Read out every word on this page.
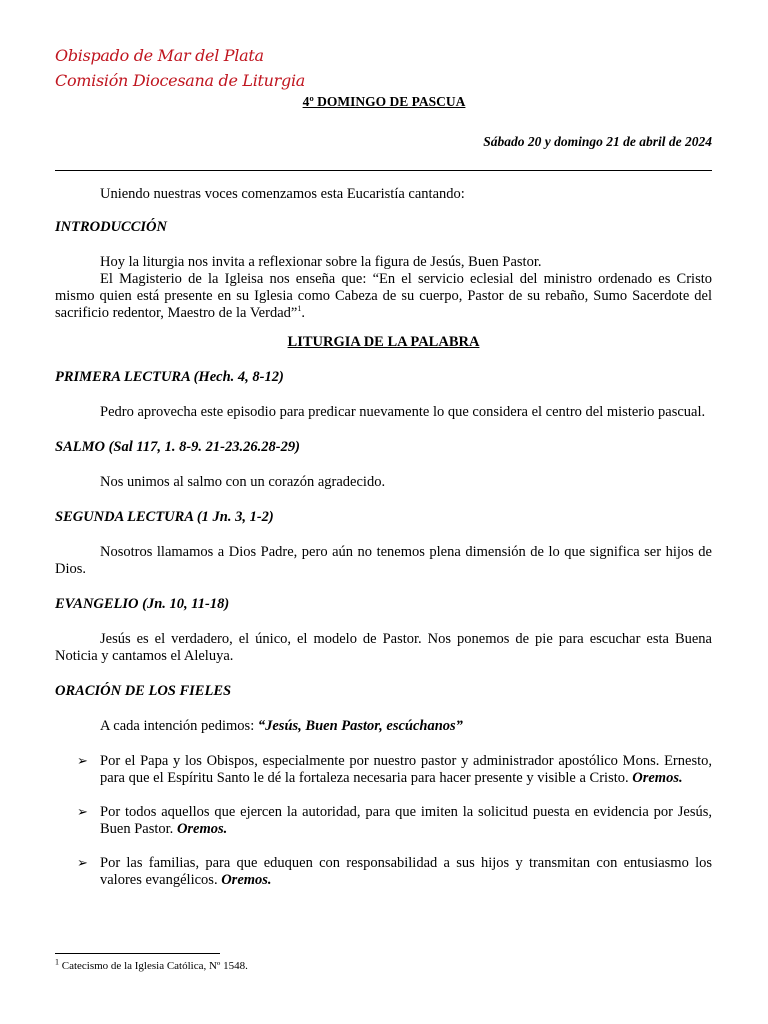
Obispado de Mar del Plata
Comisión Diocesana de Liturgia
4º DOMINGO DE PASCUA
Sábado 20 y domingo 21 de abril de 2024

Uniendo nuestras voces comenzamos esta Eucaristía cantando:

INTRODUCCIÓN

Hoy la liturgia nos invita a reflexionar sobre la figura de Jesús, Buen Pastor.

El Magisterio de la Igleisa nos enseña que: “En el servicio eclesial del ministro ordenado es Cristo mismo quien está presente en su Iglesia como Cabeza de su cuerpo, Pastor de su rebaño, Sumo Sacerdote del sacrificio redentor, Maestro de la Verdad”$^1$.

LITURGIA DE LA PALABRA

PRIMERA LECTURA (Hech. 4, 8-12)

Pedro aprovecha este episodio para predicar nuevamente lo que considera el centro del misterio pascual.

SALMO (Sal 117, 1. 8-9. 21-23.26.28-29)

Nos unimos al salmo con un corazón agradecido.

SEGUNDA LECTURA (1 Jn. 3, 1-2)

Nosotros llamamos a Dios Padre, pero aún no tenemos plena dimensión de lo que significa ser hijos de Dios.

EVANGELIO (Jn. 10, 11-18)

Jesús es el verdadero, el único, el modelo de Pastor. Nos ponemos de pie para escuchar esta Buena Noticia y cantamos el Aleluya.

ORACIÓN DE LOS FIELES

A cada intención pedimos: “Jesús, Buen Pastor, escúchanos”

➢ Por el Papa y los Obispos, especialmente por nuestro pastor y administrador apostólico Mons. Ernesto, para que el Espíritu Santo le dé la fortaleza necesaria para hacer presente y visible a Cristo. Oremos.
➢ Por todos aquellos que ejercen la autoridad, para que imiten la solicitud puesta en evidencia por Jesús, Buen Pastor. Oremos.
➢ Por las familias, para que eduquen con responsabilidad a sus hijos y transmitan con entusiasmo los valores evangélicos. Oremos.
$^1$ Catecismo de la Iglesia Católica, Nº 1548.
